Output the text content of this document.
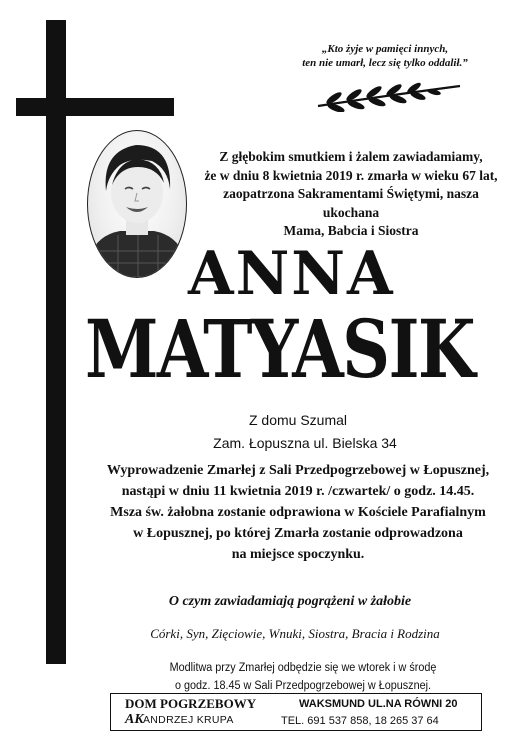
„Kto żyje w pamięci innych,
ten nie umarł, lecz się tylko oddalił.”
Z głębokim smutkiem i żalem zawiadamiamy,
że w dniu 8 kwietnia 2019 r. zmarła w wieku 67 lat,
zaopatrzona Sakramentami Świętymi, nasza ukochana
Mama, Babcia i Siostra
ANNA
MATYASIK
Z domu Szumal
Zam. Łopuszna ul. Bielska 34
Wyprowadzenie Zmarłej z Sali Przedpogrzebowej w Łopusznej,
nastąpi w dniu 11 kwietnia 2019 r. /czwartek/ o godz. 14.45.
Msza św. żałobna zostanie odprawiona w Kościele Parafialnym
w Łopusznej, po której Zmarła zostanie odprowadzona
na miejsce spoczynku.
O czym zawiadamiają pogrążeni w żałobie
Córki, Syn, Zięciowie, Wnuki, Siostra, Bracia i Rodzina
Modlitwa przy Zmarłej odbędzie się we wtorek i w środę
o godz. 18.45 w Sali Przedpogrzebowej w Łopusznej.
DOM POGRZEBOWY
AK ANDRZEJ KRUPA
WAKSMUND UL.NA RÓWNI 20
TEL. 691 537 858, 18 265 37 64
